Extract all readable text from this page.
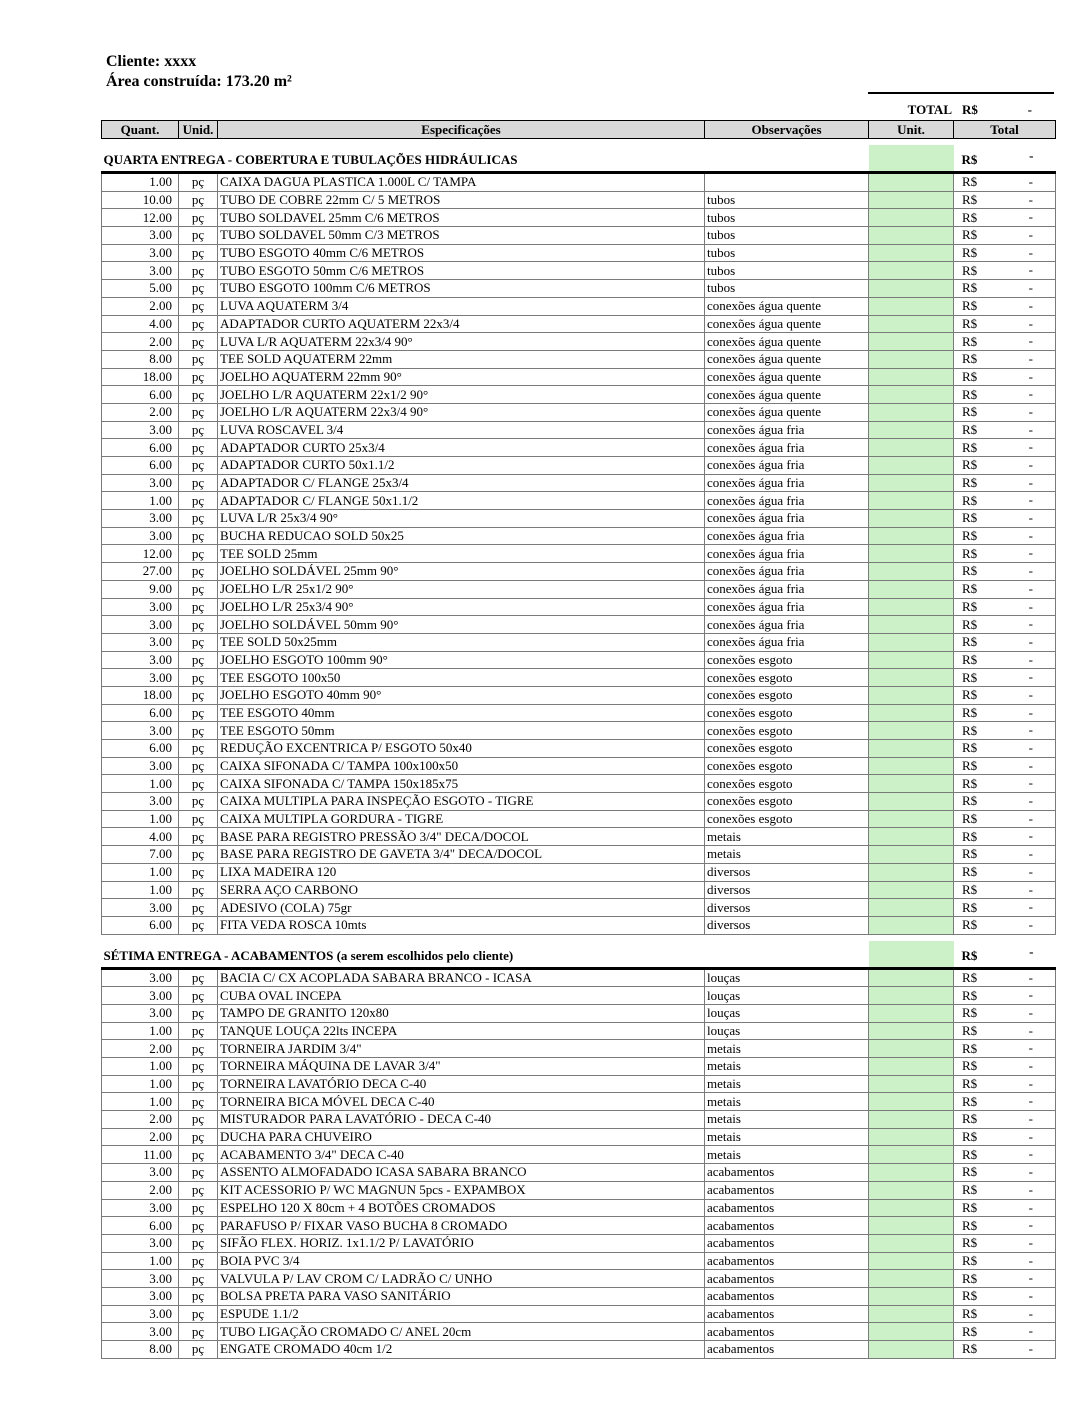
Cliente: xxxx
Área construída: 173.20 m²
TOTAL R$	-
Quant.	Unid.	Especificações	Observações	Unit.	Total

QUARTA ENTREGA - COBERTURA E TUBULAÇÕES HIDRÁULICAS					R$ -

1.00	pç	CAIXA DAGUA PLASTICA 1.000L C/ TAMPA			R$ -

10.00	pç	TUBO DE COBRE 22mm C/ 5 METROS	tubos		R$ -

12.00	pç	TUBO SOLDAVEL 25mm C/6 METROS	tubos		R$ -

3.00	pç	TUBO SOLDAVEL 50mm C/3 METROS	tubos		R$ -

3.00	pç	TUBO ESGOTO 40mm C/6 METROS	tubos		R$ -

3.00	pç	TUBO ESGOTO 50mm C/6 METROS	tubos		R$ -

5.00	pç	TUBO ESGOTO 100mm C/6 METROS	tubos		R$ -

2.00	pç	LUVA AQUATERM 3/4	conexões água quente		R$ -

4.00	pç	ADAPTADOR CURTO AQUATERM 22x3/4	conexões água quente		R$ -

2.00	pç	LUVA L/R AQUATERM 22x3/4 90°	conexões água quente		R$ -

8.00	pç	TEE SOLD AQUATERM 22mm	conexões água quente		R$ -

18.00	pç	JOELHO AQUATERM 22mm 90°	conexões água quente		R$ -

6.00	pç	JOELHO L/R AQUATERM 22x1/2 90°	conexões água quente		R$ -

2.00	pç	JOELHO L/R AQUATERM 22x3/4 90°	conexões água quente		R$ -

3.00	pç	LUVA ROSCAVEL 3/4	conexões água fria		R$ -

6.00	pç	ADAPTADOR CURTO 25x3/4	conexões água fria		R$ -

6.00	pç	ADAPTADOR CURTO 50x1.1/2	conexões água fria		R$ -

3.00	pç	ADAPTADOR C/ FLANGE 25x3/4	conexões água fria		R$ -

1.00	pç	ADAPTADOR C/ FLANGE 50x1.1/2	conexões água fria		R$ -

3.00	pç	LUVA L/R 25x3/4 90°	conexões água fria		R$ -

3.00	pç	BUCHA REDUCAO SOLD 50x25	conexões água fria		R$ -

12.00	pç	TEE SOLD 25mm	conexões água fria		R$ -

27.00	pç	JOELHO SOLDÁVEL 25mm 90°	conexões água fria		R$ -

9.00	pç	JOELHO L/R 25x1/2 90°	conexões água fria		R$ -

3.00	pç	JOELHO L/R 25x3/4 90°	conexões água fria		R$ -

3.00	pç	JOELHO SOLDÁVEL 50mm 90°	conexões água fria		R$ -

3.00	pç	TEE SOLD 50x25mm	conexões água fria		R$ -

3.00	pç	JOELHO ESGOTO 100mm 90°	conexões esgoto		R$ -

3.00	pç	TEE ESGOTO 100x50	conexões esgoto		R$ -

18.00	pç	JOELHO ESGOTO 40mm 90°	conexões esgoto		R$ -

6.00	pç	TEE ESGOTO 40mm	conexões esgoto		R$ -

3.00	pç	TEE ESGOTO 50mm	conexões esgoto		R$ -

6.00	pç	REDUÇÃO EXCENTRICA P/ ESGOTO 50x40	conexões esgoto		R$ -

3.00	pç	CAIXA SIFONADA C/ TAMPA 100x100x50	conexões esgoto		R$ -

1.00	pç	CAIXA SIFONADA C/ TAMPA 150x185x75	conexões esgoto		R$ -

3.00	pç	CAIXA MULTIPLA PARA INSPEÇÃO ESGOTO - TIGRE	conexões esgoto		R$ -

1.00	pç	CAIXA MULTIPLA GORDURA - TIGRE	conexões esgoto		R$ -

4.00	pç	BASE PARA REGISTRO PRESSÃO 3/4" DECA/DOCOL	metais		R$ -

7.00	pç	BASE PARA REGISTRO DE GAVETA 3/4" DECA/DOCOL	metais		R$ -

1.00	pç	LIXA MADEIRA 120	diversos		R$ -

1.00	pç	SERRA AÇO CARBONO	diversos		R$ -

3.00	pç	ADESIVO (COLA) 75gr	diversos		R$ -

6.00	pç	FITA VEDA ROSCA 10mts	diversos		R$ -

SÉTIMA ENTREGA - ACABAMENTOS (a serem escolhidos pelo cliente)					R$ -

3.00	pç	BACIA C/ CX ACOPLADA SABARA BRANCO - ICASA	louças		R$ -

3.00	pç	CUBA OVAL INCEPA	louças		R$ -

3.00	pç	TAMPO DE GRANITO 120x80	louças		R$ -

1.00	pç	TANQUE LOUÇA 22lts INCEPA	louças		R$ -

2.00	pç	TORNEIRA JARDIM 3/4"	metais		R$ -

1.00	pç	TORNEIRA MÁQUINA DE LAVAR 3/4"	metais		R$ -

1.00	pç	TORNEIRA LAVATÓRIO DECA C-40	metais		R$ -

1.00	pç	TORNEIRA BICA MÓVEL DECA C-40	metais		R$ -

2.00	pç	MISTURADOR PARA LAVATÓRIO - DECA C-40	metais		R$ -

2.00	pç	DUCHA PARA CHUVEIRO	metais		R$ -

11.00	pç	ACABAMENTO 3/4" DECA C-40	metais		R$ -

3.00	pç	ASSENTO ALMOFADADO ICASA SABARA BRANCO	acabamentos		R$ -

2.00	pç	KIT ACESSORIO P/ WC MAGNUN 5pcs - EXPAMBOX	acabamentos		R$ -

3.00	pç	ESPELHO 120 X 80cm + 4 BOTÕES CROMADOS	acabamentos		R$ -

6.00	pç	PARAFUSO P/ FIXAR VASO BUCHA 8 CROMADO	acabamentos		R$ -

3.00	pç	SIFÃO FLEX. HORIZ. 1x1.1/2 P/ LAVATÓRIO	acabamentos		R$ -

1.00	pç	BOIA PVC 3/4	acabamentos		R$ -

3.00	pç	VALVULA P/ LAV CROM C/ LADRÃO C/ UNHO	acabamentos		R$ -

3.00	pç	BOLSA PRETA PARA VASO SANITÁRIO	acabamentos		R$ -

3.00	pç	ESPUDE 1.1/2	acabamentos		R$ -

3.00	pç	TUBO LIGAÇÃO CROMADO C/ ANEL 20cm	acabamentos		R$ -

8.00	pç	ENGATE CROMADO 40cm 1/2	acabamentos		R$ -
